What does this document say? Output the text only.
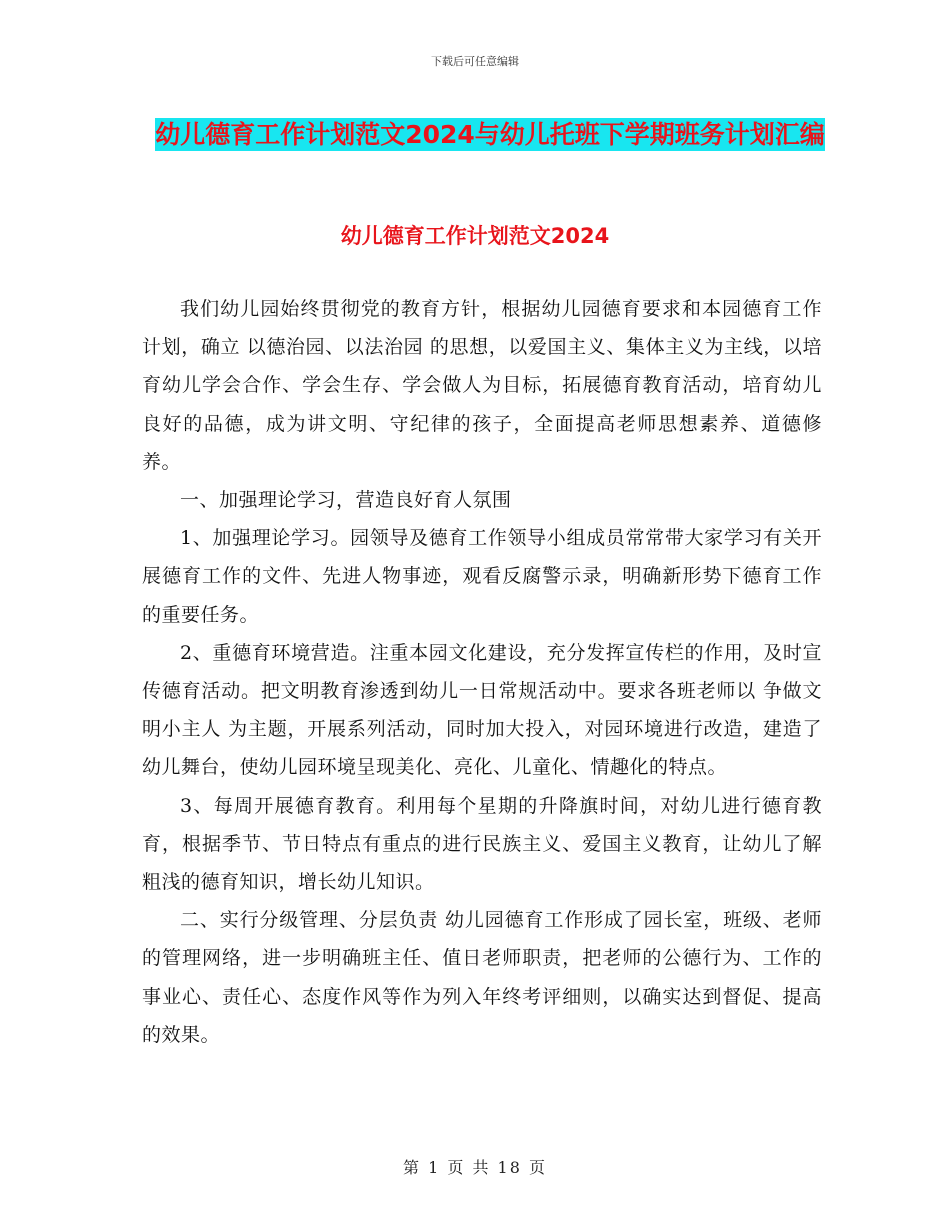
下载后可任意编辑
幼儿德育工作计划范文2024与幼儿托班下学期班务计划汇编
幼儿德育工作计划范文2024

我们幼儿园始终贯彻党的教育方针，根据幼儿园德育要求和本园德育工作计划，确立 以德治园、以法治园 的思想，以爱国主义、集体主义为主线，以培育幼儿学会合作、学会生存、学会做人为目标，拓展德育教育活动，培育幼儿良好的品德，成为讲文明、守纪律的孩子，全面提高老师思想素养、道德修养。

一、加强理论学习，营造良好育人氛围

1、加强理论学习。园领导及德育工作领导小组成员常常带大家学习有关开展德育工作的文件、先进人物事迹，观看反腐警示录，明确新形势下德育工作的重要任务。

2、重德育环境营造。注重本园文化建设，充分发挥宣传栏的作用，及时宣传德育活动。把文明教育渗透到幼儿一日常规活动中。要求各班老师以 争做文明小主人 为主题，开展系列活动，同时加大投入，对园环境进行改造，建造了幼儿舞台，使幼儿园环境呈现美化、亮化、儿童化、情趣化的特点。

3、每周开展德育教育。利用每个星期的升降旗时间，对幼儿进行德育教育，根据季节、节日特点有重点的进行民族主义、爱国主义教育，让幼儿了解粗浅的德育知识，增长幼儿知识。

二、实行分级管理、分层负责 幼儿园德育工作形成了园长室，班级、老师的管理网络，进一步明确班主任、值日老师职责，把老师的公德行为、工作的事业心、责任心、态度作风等作为列入年终考评细则，以确实达到督促、提高的效果。

第 1 页 共 18 页
